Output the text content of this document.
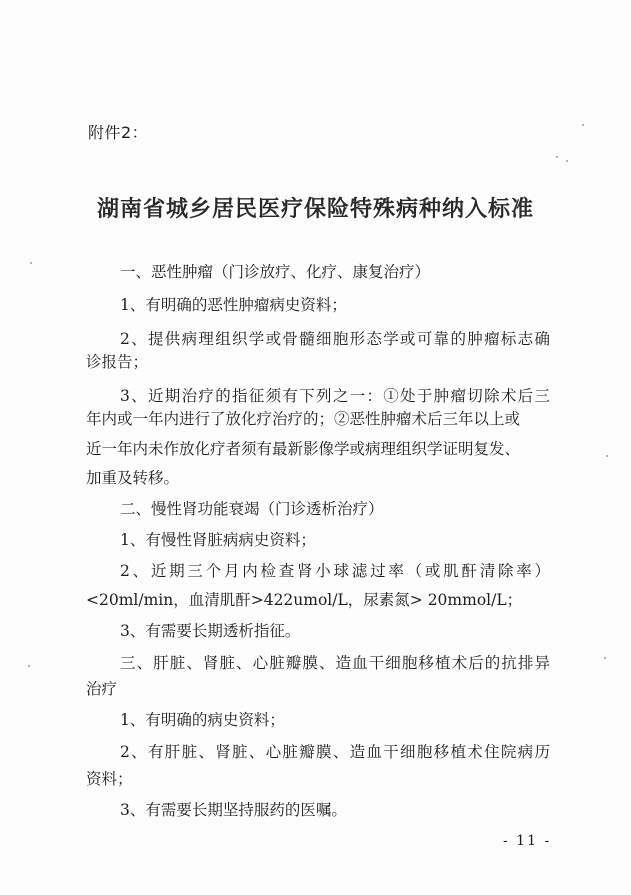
附件2：
湖南省城乡居民医疗保险特殊病种纳入标准
一、恶性肿瘤（门诊放疗、化疗、康复治疗）
1、有明确的恶性肿瘤病史资料；
2、提供病理组织学或骨髓细胞形态学或可靠的肿瘤标志确
诊报告；
3、近期治疗的指征须有下列之一：①处于肿瘤切除术后三
年内或一年内进行了放化疗治疗的；②恶性肿瘤术后三年以上或
近一年内未作放化疗者须有最新影像学或病理组织学证明复发、
加重及转移。
二、慢性肾功能衰竭（门诊透析治疗）
1、有慢性肾脏病病史资料；
2、近期三个月内检查肾小球滤过率（或肌酐清除率）
<20ml/min，血清肌酐>422umol/L，尿素氮> 20mmol/L；
3、有需要长期透析指征。
三、肝脏、肾脏、心脏瓣膜、造血干细胞移植术后的抗排异
治疗
1、有明确的病史资料；
2、有肝脏、肾脏、心脏瓣膜、造血干细胞移植术住院病历
资料；
3、有需要长期坚持服药的医嘱。
- 11 -
